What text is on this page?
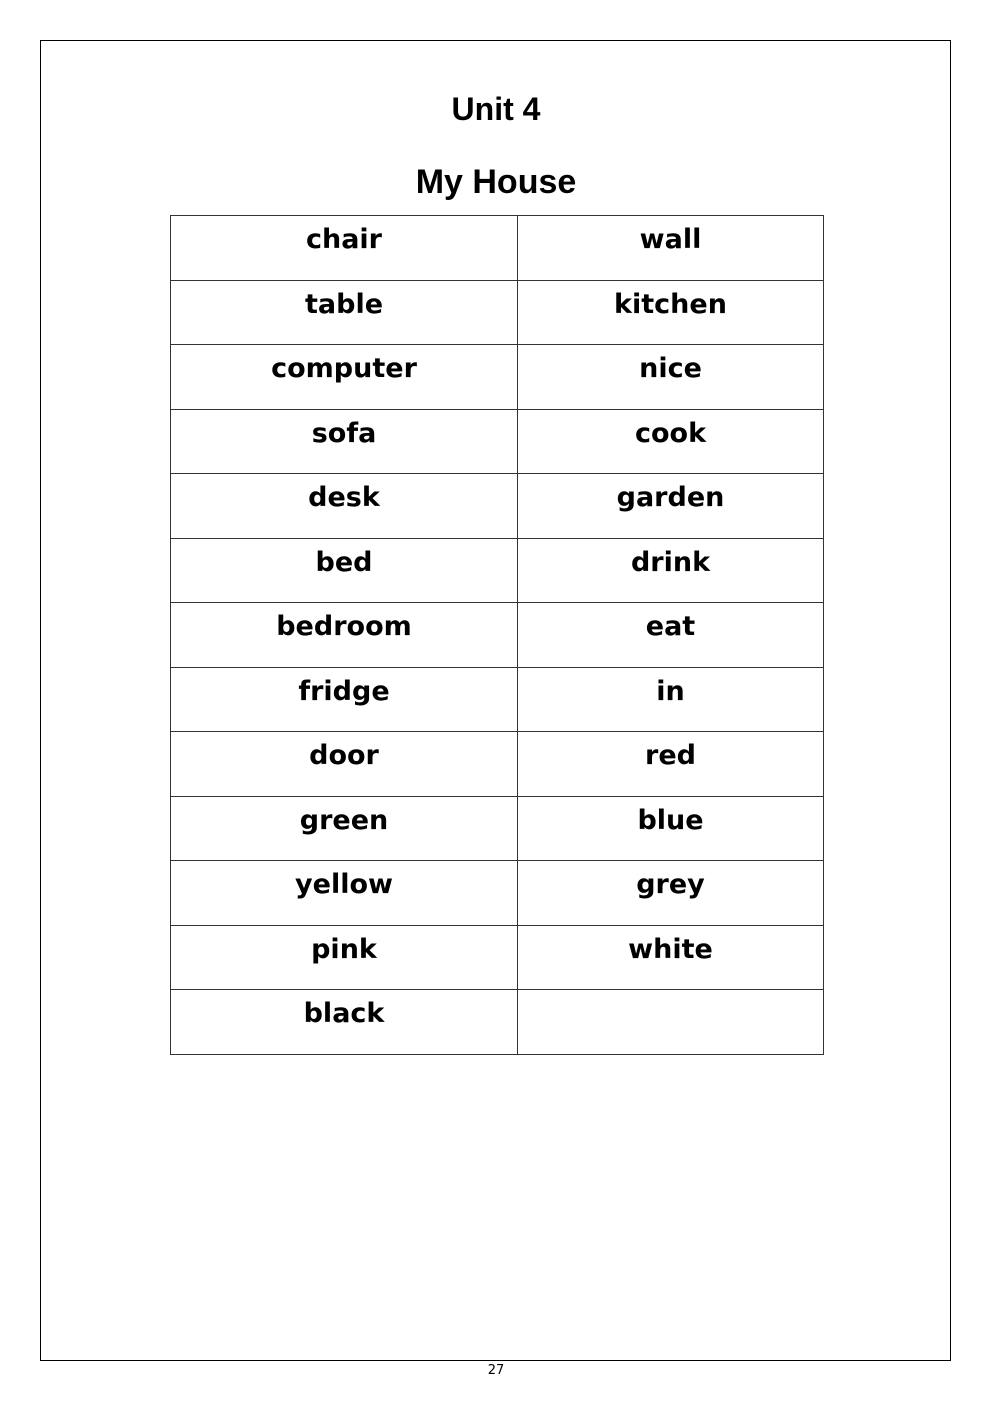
Unit 4
My House
chair	wall
table	kitchen
computer	nice
sofa	cook
desk	garden
bed	drink
bedroom	eat
fridge	in
door	red
green	blue
yellow	grey
pink	white
black	
27
